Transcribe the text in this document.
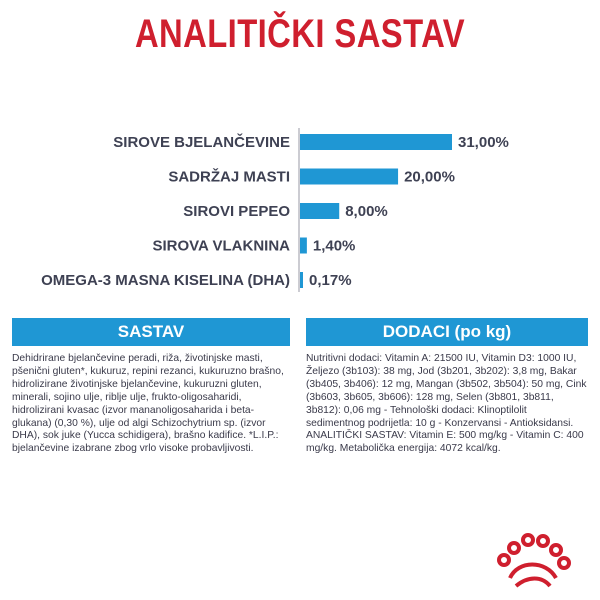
ANALITIČKI SASTAV
SIROVE BJELANČEVINE	31,00%
SADRŽAJ MASTI	20,00%
SIROVI PEPEO	8,00%
SIROVA VLAKNINA 1,40%
OMEGA-3 MASNA KISELINA (DHA) 0,17%
SASTAV
Dehidrirane bjelančevine peradi, riža, životinjske masti, pšenični gluten*, kukuruz, repini rezanci, kukuruzno brašno, hidrolizirane životinjske bjelančevine, kukuruzni gluten, minerali, sojino ulje, riblje ulje, frukto-oligosaharidi, hidrolizirani kvasac (izvor mananoligosaharida i beta-glukana) (0,30 %), ulje od algi Schizochytrium sp. (izvor DHA), sok juke (Yucca schidigera), brašno kadifice. *L.I.P.: bjelančevine izabrane zbog vrlo visoke probavljivosti.
DODACI (po kg)
Nutritivni dodaci: Vitamin A: 21500 IU, Vitamin D3: 1000 IU, Željezo (3b103): 38 mg, Jod (3b201, 3b202): 3,8 mg, Bakar (3b405, 3b406): 12 mg, Mangan (3b502, 3b504): 50 mg, Cink (3b603, 3b605, 3b606): 128 mg, Selen (3b801, 3b811, 3b812): 0,06 mg - Tehnološki dodaci: Klinoptilolit sedimentnog podrijetla: 10 g - Konzervansi - Antioksidansi. ANALITIČKI SASTAV: Vitamin E: 500 mg/kg - Vitamin C: 400 mg/kg. Metabolička energija: 4072 kcal/kg.
